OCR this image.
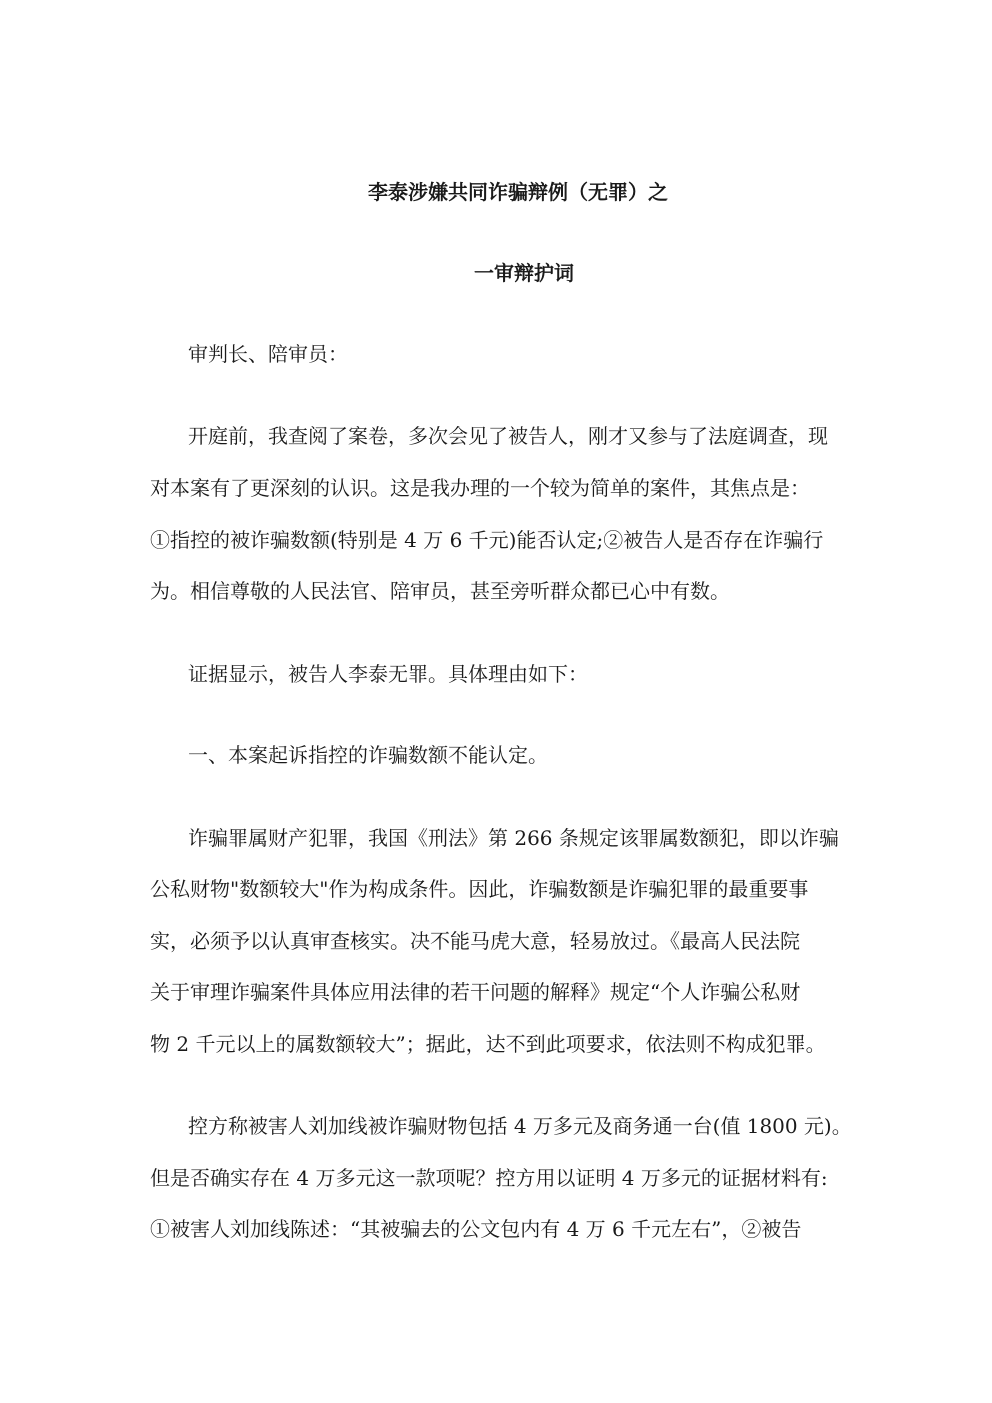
李泰涉嫌共同诈骗辩例（无罪）之
一审辩护词
审判长、陪审员：
开庭前，我查阅了案卷，多次会见了被告人，刚才又参与了法庭调查，现
对本案有了更深刻的认识。这是我办理的一个较为简单的案件，其焦点是：
①指控的被诈骗数额(特别是 4 万 6 千元)能否认定;②被告人是否存在诈骗行
为。相信尊敬的人民法官、陪审员，甚至旁听群众都已心中有数。
证据显示，被告人李泰无罪。具体理由如下：
一、本案起诉指控的诈骗数额不能认定。
诈骗罪属财产犯罪，我国《刑法》第 266 条规定该罪属数额犯，即以诈骗
公私财物"数额较大"作为构成条件。因此，诈骗数额是诈骗犯罪的最重要事
实，必须予以认真审查核实。决不能马虎大意，轻易放过。《最高人民法院
关于审理诈骗案件具体应用法律的若干问题的解释》规定“个人诈骗公私财
物 2 千元以上的属数额较大”；据此，达不到此项要求，依法则不构成犯罪。
控方称被害人刘加线被诈骗财物包括 4 万多元及商务通一台(值 1800 元)。
但是否确实存在 4 万多元这一款项呢？控方用以证明 4 万多元的证据材料有:
①被害人刘加线陈述：“其被骗去的公文包内有 4 万 6 千元左右”，②被告
